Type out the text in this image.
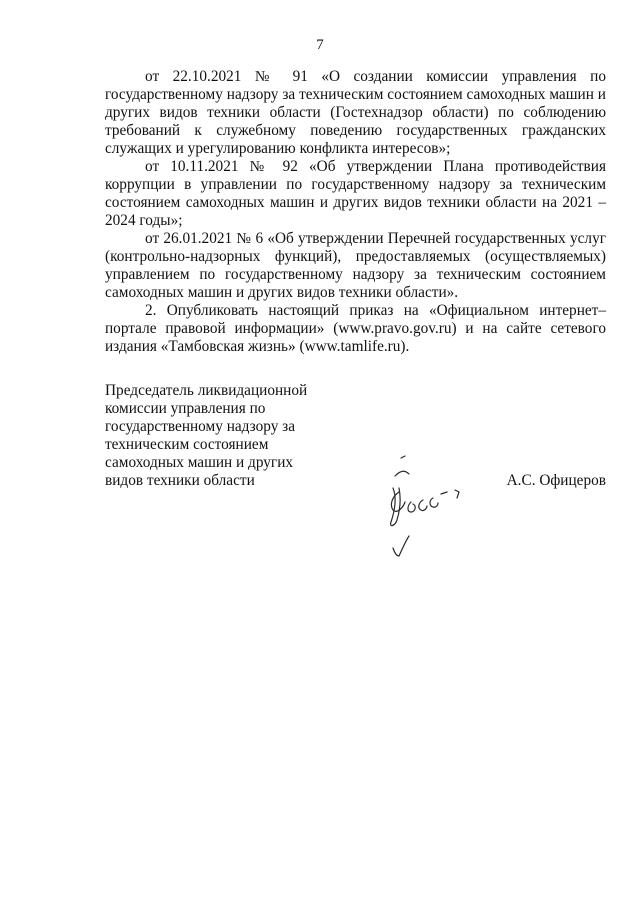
7

от 22.10.2021 № 91 «О создании комиссии управления по государственному надзору за техническим состоянием самоходных машин и других видов техники области (Гостехнадзор области) по соблюдению требований к служебному поведению государственных гражданских служащих и урегулированию конфликта интересов»;

от 10.11.2021 № 92 «Об утверждении Плана противодействия коррупции в управлении по государственному надзору за техническим состоянием самоходных машин и других видов техники области на 2021 – 2024 годы»;

от 26.01.2021 № 6 «Об утверждении Перечней государственных услуг (контрольно-надзорных функций), предоставляемых (осуществляемых) управлением по государственному надзору за техническим состоянием самоходных машин и других видов техники области».

2. Опубликовать настоящий приказ на «Официальном интернет–портале правовой информации» (www.pravo.gov.ru) и на сайте сетевого издания «Тамбовская жизнь» (www.tamlife.ru).

Председатель ликвидационной
комиссии управления по
государственному надзору за
техническим состоянием
самоходных машин и других
видов техники области	А.С. Офицеров
